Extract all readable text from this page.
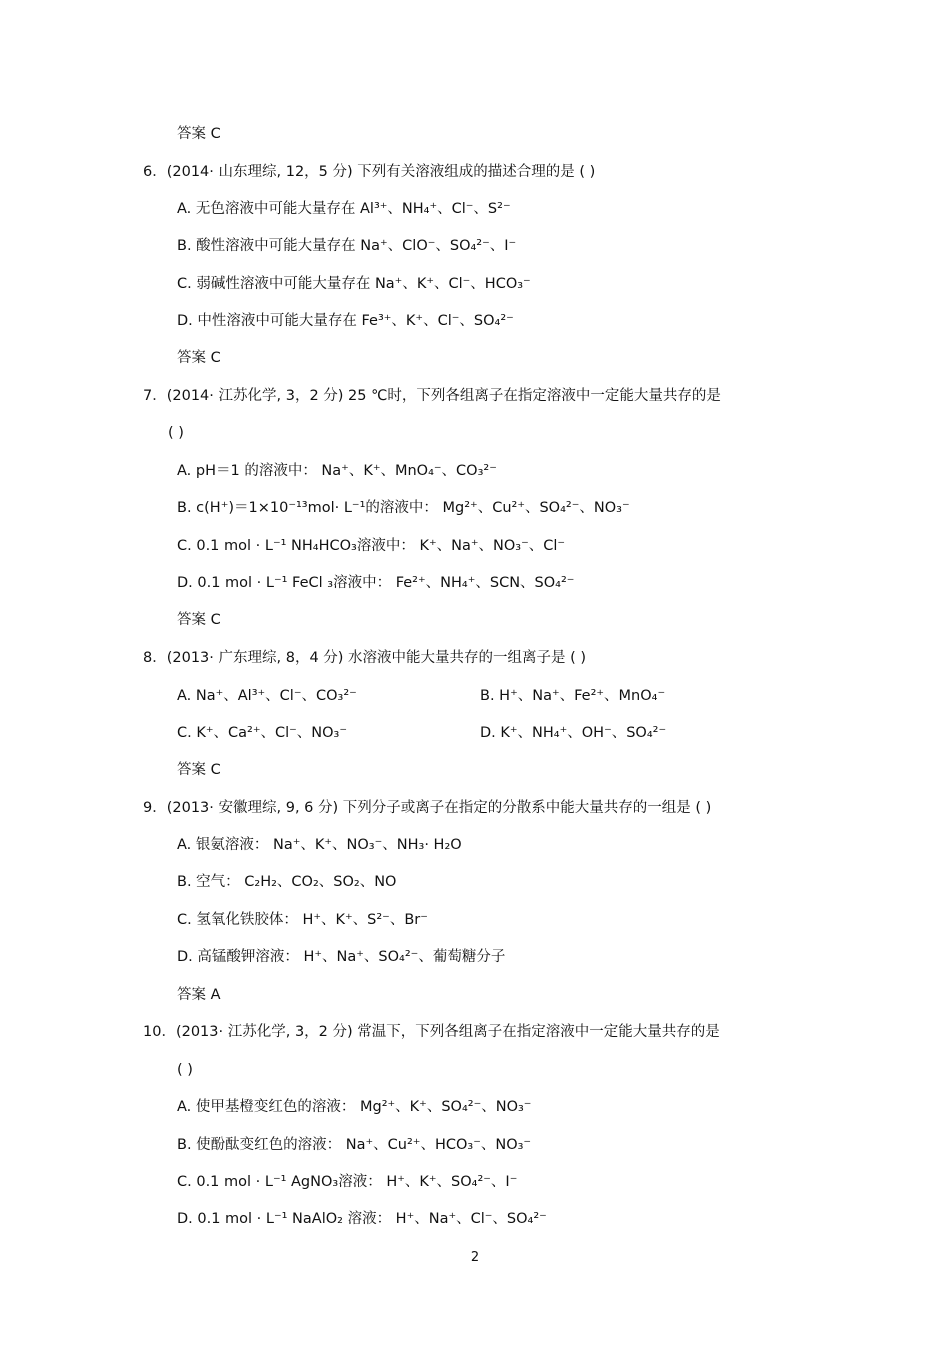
答案 C
6．(2014· 山东理综, 12，5 分) 下列有关溶液组成的描述合理的是 ( )
A. 无色溶液中可能大量存在 Al³⁺、NH₄⁺、Cl⁻、S²⁻
B. 酸性溶液中可能大量存在 Na⁺、ClO⁻、SO₄²⁻、I⁻
C. 弱碱性溶液中可能大量存在 Na⁺、K⁺、Cl⁻、HCO₃⁻
D. 中性溶液中可能大量存在 Fe³⁺、K⁺、Cl⁻、SO₄²⁻
答案 C
7．(2014· 江苏化学, 3，2 分) 25 ℃时，下列各组离子在指定溶液中一定能大量共存的是
( )
A. pH＝1 的溶液中： Na⁺、K⁺、MnO₄⁻、CO₃²⁻
B. c(H⁺)＝1×10⁻¹³mol· L⁻¹的溶液中： Mg²⁺、Cu²⁺、SO₄²⁻、NO₃⁻
C. 0.1 mol · L⁻¹ NH₄HCO₃溶液中： K⁺、Na⁺、NO₃⁻、Cl⁻
D. 0.1 mol · L⁻¹ FeCl ₃溶液中： Fe²⁺、NH₄⁺、SCN、SO₄²⁻
答案 C
8．(2013· 广东理综, 8，4 分) 水溶液中能大量共存的一组离子是 ( )
A. Na⁺、Al³⁺、Cl⁻、CO₃²⁻	B. H⁺、Na⁺、Fe²⁺、MnO₄⁻
C. K⁺、Ca²⁺、Cl⁻、NO₃⁻	D. K⁺、NH₄⁺、OH⁻、SO₄²⁻
答案 C
9．(2013· 安徽理综, 9, 6 分) 下列分子或离子在指定的分散系中能大量共存的一组是 ( )
A. 银氨溶液： Na⁺、K⁺、NO₃⁻、NH₃· H₂O
B. 空气： C₂H₂、CO₂、SO₂、NO
C. 氢氧化铁胶体： H⁺、K⁺、S²⁻、Br⁻
D. 高锰酸钾溶液： H⁺、Na⁺、SO₄²⁻、葡萄糖分子
答案 A
10．(2013· 江苏化学, 3，2 分) 常温下，下列各组离子在指定溶液中一定能大量共存的是
( )
A. 使甲基橙变红色的溶液： Mg²⁺、K⁺、SO₄²⁻、NO₃⁻
B. 使酚酞变红色的溶液： Na⁺、Cu²⁺、HCO₃⁻、NO₃⁻
C. 0.1 mol · L⁻¹ AgNO₃溶液： H⁺、K⁺、SO₄²⁻、I⁻
D. 0.1 mol · L⁻¹ NaAlO₂ 溶液： H⁺、Na⁺、Cl⁻、SO₄²⁻
2
